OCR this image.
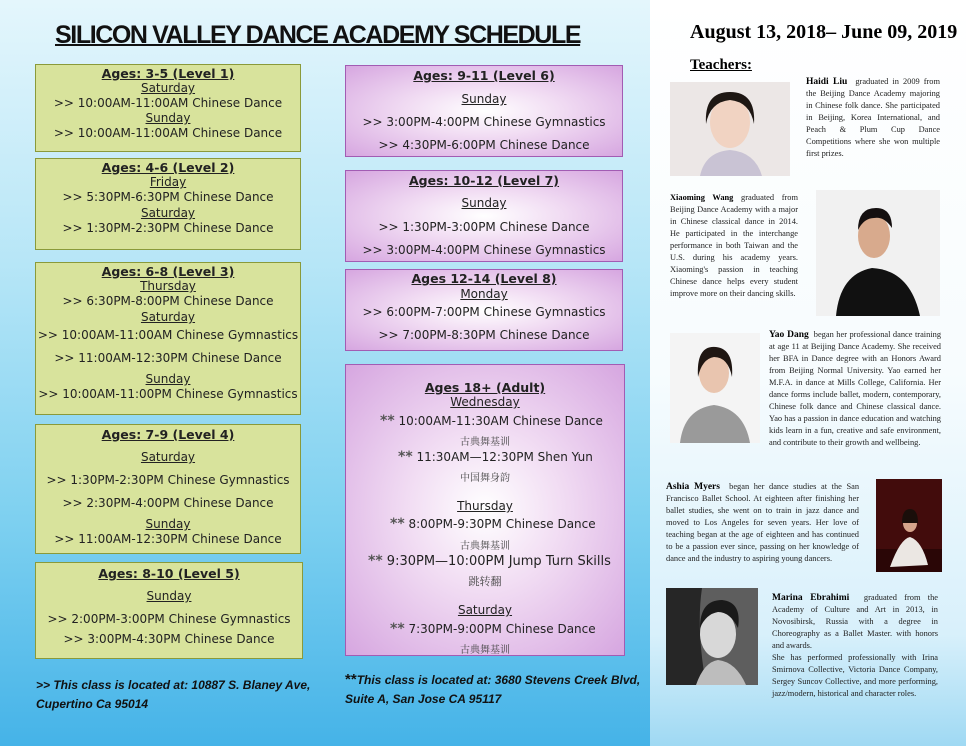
SILICON VALLEY DANCE ACADEMY SCHEDULE	August 13, 2018– June 09, 2019
Teachers:
Ages: 3-5 (Level 1)
Saturday
>> 10:00AM-11:00AM Chinese Dance
Sunday
>> 10:00AM-11:00AM Chinese Dance
Ages: 4-6 (Level 2)
Friday
>> 5:30PM-6:30PM Chinese Dance
Saturday
>> 1:30PM-2:30PM Chinese Dance
Ages: 6-8 (Level 3)
Thursday
>> 6:30PM-8:00PM Chinese Dance
Saturday
>> 10:00AM-11:00AM Chinese Gymnastics
>> 11:00AM-12:30PM Chinese Dance
Sunday
>> 10:00AM-11:00PM Chinese Gymnastics
Ages: 7-9 (Level 4)
Saturday
>> 1:30PM-2:30PM Chinese Gymnastics
>> 2:30PM-4:00PM Chinese Dance
Sunday
>> 11:00AM-12:30PM Chinese Dance
Ages: 8-10 (Level 5)
Sunday
>> 2:00PM-3:00PM Chinese Gymnastics
>> 3:00PM-4:30PM Chinese Dance
Ages: 9-11 (Level 6)
Sunday
>> 3:00PM-4:00PM Chinese Gymnastics
>> 4:30PM-6:00PM Chinese Dance
Ages: 10-12 (Level 7)
Sunday
>> 1:30PM-3:00PM Chinese Dance
>> 3:00PM-4:00PM Chinese Gymnastics
Ages 12-14 (Level 8)
Monday
>> 6:00PM-7:00PM Chinese Gymnastics
>> 7:00PM-8:30PM Chinese Dance
Ages 18+ (Adult)
Wednesday
** 10:00AM-11:30AM Chinese Dance
古典舞基训
** 11:30AM—12:30PM Shen Yun
中国舞身韵
Thursday
** 8:00PM-9:30PM Chinese Dance
古典舞基训
** 9:30PM—10:00PM Jump Turn Skills
跳转翻
Saturday
** 7:30PM-9:00PM Chinese Dance
古典舞基训
>> This class is located at: 10887 S. Blaney Ave, Cupertino Ca 95014
**This class is located at: 3680 Stevens Creek Blvd, Suite A, San Jose CA 95117
Haidi Liu graduated in 2009 from the Beijing Dance Academy majoring in Chinese folk dance. She participated in Beijing, Korea International, and Peach & Plum Cup Dance Competitions where she won multiple first prizes.
Xiaoming Wang graduated from Beijing Dance Academy with a major in Chinese classical dance in 2014. He participated in the interchange performance in both Taiwan and the U.S. during his academy years. Xiaoming's passion in teaching Chinese dance helps every student improve more on their dancing skills.
Yao Dang began her professional dance training at age 11 at Beijing Dance Academy. She received her BFA in Dance degree with an Honors Award from Beijing Normal University. Yao earned her M.F.A. in dance at Mills College, California. Her dance forms include ballet, modern, contemporary, Chinese folk dance and Chinese classical dance. Yao has a passion in dance education and watching kids learn in a fun, creative and safe environment, and contribute to their growth and wellbeing.
Ashia Myers began her dance studies at the San Francisco Ballet School. At eighteen after finishing her ballet studies, she went on to train in jazz dance and moved to Los Angeles for seven years. Her love of teaching began at the age of eighteen and has continued to be a passion ever since, passing on her knowledge of dance and the industry to aspiring young dancers.
Marina Ebrahimi graduated from the Academy of Culture and Art in 2013, in Novosibirsk, Russia with a degree in Choreography as a Ballet Master. with honors and awards.
She has performed professionally with Irina Smirnova Collective, Victoria Dance Company, Sergey Suncov Collective, and more performing, jazz/modern, historical and character roles.
